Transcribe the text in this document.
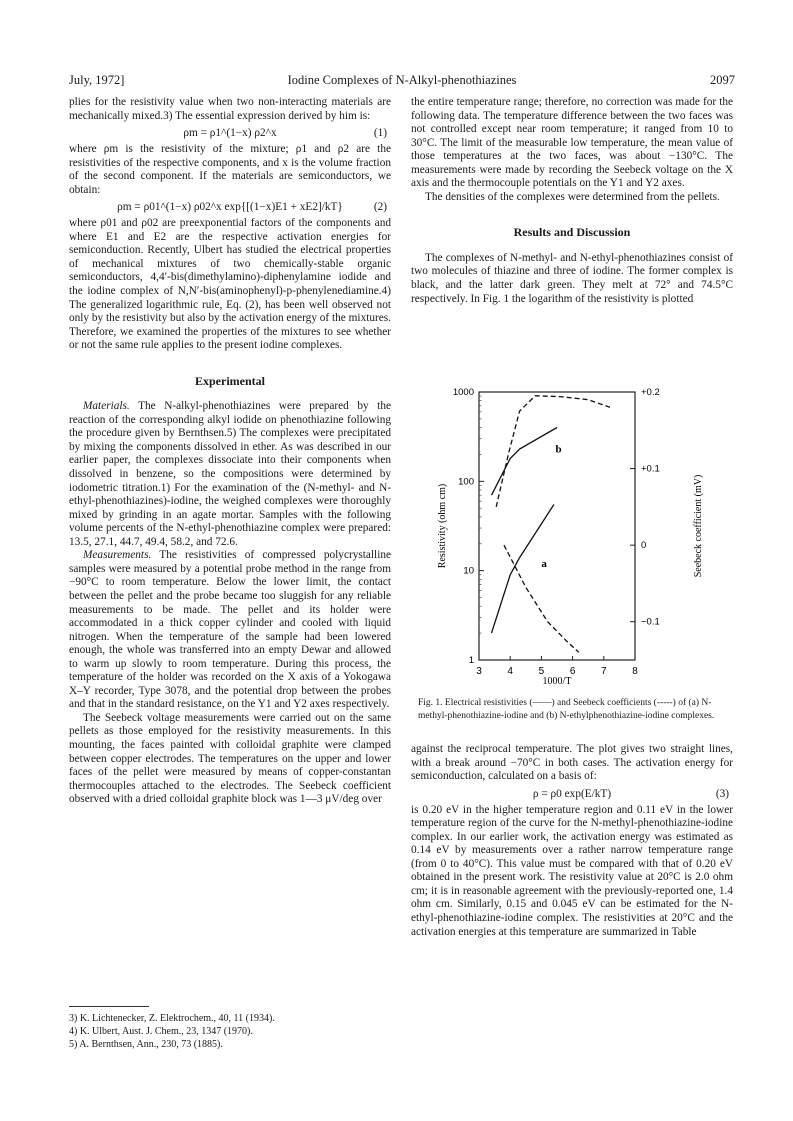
July, 1972]	Iodine Complexes of N-Alkyl-phenothiazines	2097

plies for the resistivity value when two non-interacting materials are mechanically mixed.3) The essential expression derived by him is:

ρm = ρ1^(1−x) ρ2^x	(1)

where ρm is the resistivity of the mixture; ρ1 and ρ2 are the resistivities of the respective components, and x is the volume fraction of the second component. If the materials are semiconductors, we obtain:

ρm = ρ01^(1−x) ρ02^x exp{[(1−x)E1 + xE2]/kT}	(2)

where ρ01 and ρ02 are preexponential factors of the components and where E1 and E2 are the respective activation energies for semiconduction. Recently, Ulbert has studied the electrical properties of mechanical mixtures of two chemically-stable organic semiconductors, 4,4′-bis(dimethylamino)-diphenylamine iodide and the iodine complex of N,N′-bis(aminophenyl)-p-phenylenediamine.4) The generalized logarithmic rule, Eq. (2), has been well observed not only by the resistivity but also by the activation energy of the mixtures. Therefore, we examined the properties of the mixtures to see whether or not the same rule applies to the present iodine complexes.

Experimental

Materials. The N-alkyl-phenothiazines were prepared by the reaction of the corresponding alkyl iodide on phenothiazine following the procedure given by Bernthsen.5) The complexes were precipitated by mixing the components dissolved in ether. As was described in our earlier paper, the complexes dissociate into their components when dissolved in benzene, so the compositions were determined by iodometric titration.1) For the examination of the (N-methyl- and N-ethyl-phenothiazines)-iodine, the weighed complexes were thoroughly mixed by grinding in an agate mortar. Samples with the following volume percents of the N-ethyl-phenothiazine complex were prepared: 13.5, 27.1, 44.7, 49.4, 58.2, and 72.6.

Measurements. The resistivities of compressed polycrystalline samples were measured by a potential probe method in the range from −90°C to room temperature. Below the lower limit, the contact between the pellet and the probe became too sluggish for any reliable measurements to be made. The pellet and its holder were accommodated in a thick copper cylinder and cooled with liquid nitrogen. When the temperature of the sample had been lowered enough, the whole was transferred into an empty Dewar and allowed to warm up slowly to room temperature. During this process, the temperature of the holder was recorded on the X axis of a Yokogawa X–Y recorder, Type 3078, and the potential drop between the probes and that in the standard resistance, on the Y1 and Y2 axes respectively.

The Seebeck voltage measurements were carried out on the same pellets as those employed for the resistivity measurements. In this mounting, the faces painted with colloidal graphite were clamped between copper electrodes. The temperatures on the upper and lower faces of the pellet were measured by means of copper-constantan thermocouples attached to the electrodes. The Seebeck coefficient observed with a dried colloidal graphite block was 1—3 μV/deg over

3) K. Lichtenecker, Z. Elektrochem., 40, 11 (1934).
4) K. Ulbert, Aust. J. Chem., 23, 1347 (1970).
5) A. Bernthsen, Ann., 230, 73 (1885).

the entire temperature range; therefore, no correction was made for the following data. The temperature difference between the two faces was not controlled except near room temperature; it ranged from 10 to 30°C. The limit of the measurable low temperature, the mean value of those temperatures at the two faces, was about −130°C. The measurements were made by recording the Seebeck voltage on the X axis and the thermocouple potentials on the Y1 and Y2 axes.

The densities of the complexes were determined from the pellets.

Results and Discussion

The complexes of N-methyl- and N-ethyl-phenothiazines consist of two molecules of thiazine and three of iodine. The former complex is black, and the latter dark green. They melt at 72° and 74.5°C respectively. In Fig. 1 the logarithm of the resistivity is plotted

3	4	5	6	7	8
1000/T
1
10
100
1000
Resistivity (ohm cm)
+0.2
+0.1
0
−0.1
Seebeck coefficient (mV)
b
a
Fig. 1. Electrical resistivities (——) and Seebeck coefficients (-----) of (a) N-methyl-phenothiazine-iodine and (b) N-ethylphenothiazine-iodine complexes.

against the reciprocal temperature. The plot gives two straight lines, with a break around −70°C in both cases. The activation energy for semiconduction, calculated on a basis of:

ρ = ρ0 exp(E/kT)	(3)

is 0.20 eV in the higher temperature region and 0.11 eV in the lower temperature region of the curve for the N-methyl-phenothiazine-iodine complex. In our earlier work, the activation energy was estimated as 0.14 eV by measurements over a rather narrow temperature range (from 0 to 40°C). This value must be compared with that of 0.20 eV obtained in the present work. The resistivity value at 20°C is 2.0 ohm cm; it is in reasonable agreement with the previously-reported one, 1.4 ohm cm. Similarly, 0.15 and 0.045 eV can be estimated for the N-ethyl-phenothiazine-iodine complex. The resistivities at 20°C and the activation energies at this temperature are summarized in Table
